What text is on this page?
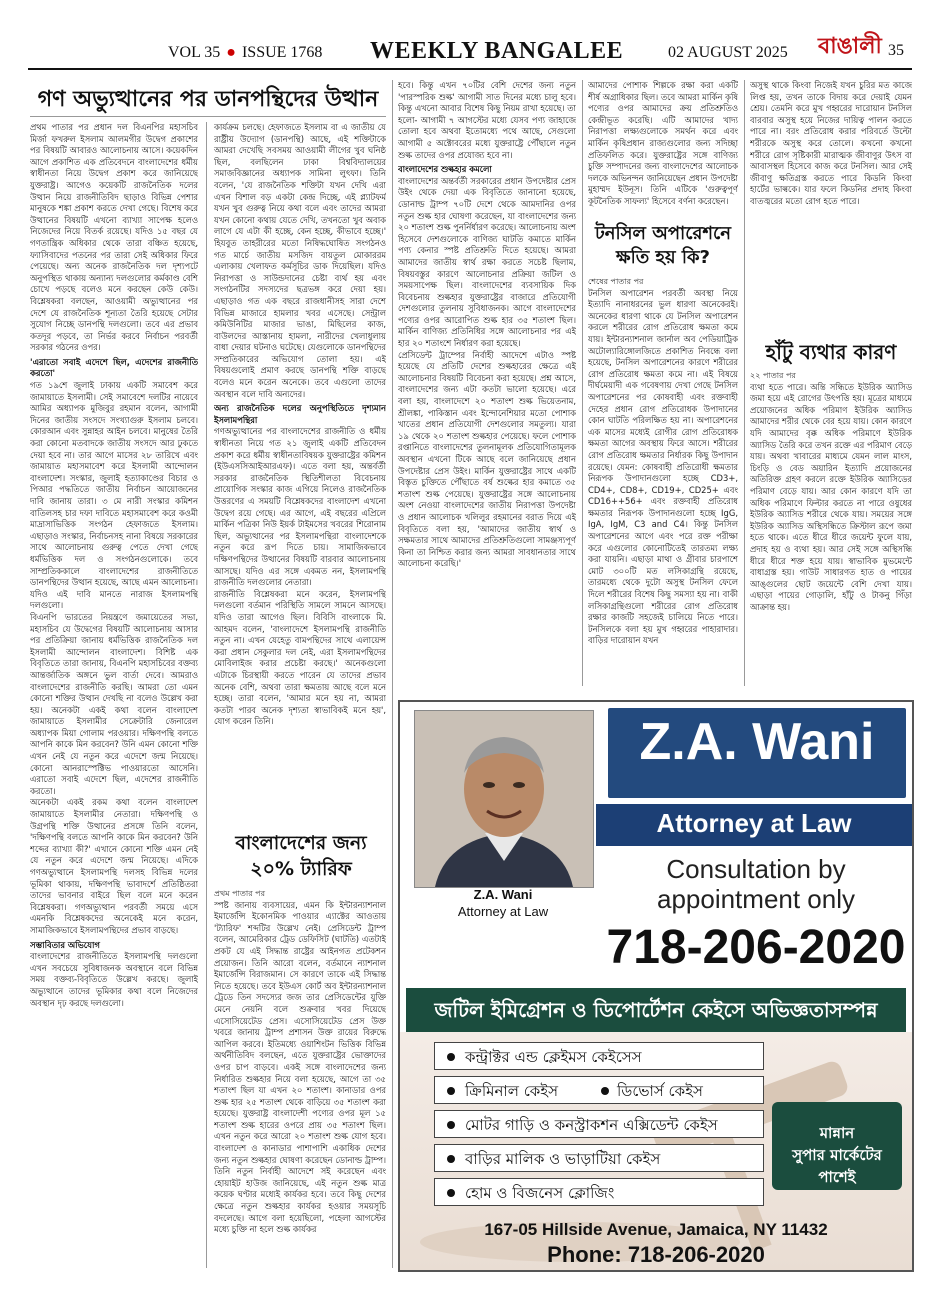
VOL 35 ● ISSUE 1768 WEEKLY BANGALEE	02 AUGUST 2025 বাঙালী 35
গণ অভ্যুত্থানের পর ডানপন্থিদের উত্থান

প্রথম পাতার পর প্রধান দল বিএনপির মহাসচিব মির্জা ফখরুল ইসলাম আলমগীর উদ্বেগ প্রকাশের পর বিষয়টি আবারও আলোচনায় আসে। কয়েকদিন আগে প্রকাশিত এক প্রতিবেদনে বাংলাদেশের ধর্মীয় স্বাধীনতা নিয়ে উদ্বেগ প্রকাশ করে জানিয়েছে যুক্তরাষ্ট্র। আগেও কয়েকটি রাজনৈতিক দলের উত্থান নিয়ে রাজনীতিবিদ ছাড়াও বিভিন্ন পেশার মানুষকে শঙ্কা প্রকাশ করতে দেখা গেছে। বিশেষ করে উত্থানের বিষয়টি এখনো ব্যাখ্যা সাপেক্ষ হলেও নিজেদের নিয়ে বিতর্ক রয়েছে। যদিও ১৫ বছর যে গণতান্ত্রিক অধিকার থেকে তারা বঞ্চিত হয়েছে, ফ্যাসিবাদের পতনের পর তারা সেই অধিকার ফিরে পেয়েছে। অন্য অনেক রাজনৈতিক দল দৃশ্যপটে অনুপস্থিত থাকায় অন্যান্য দলগুলোর কর্মকাণ্ড বেশি চোখে পড়ছে বলেও মনে করছেন কেউ কেউ। বিশ্লেষকরা বলছেন, আওয়ামী অভ্যুত্থানের পর দেশে যে রাজনৈতিক শূন্যতা তৈরি হয়েছে সেটার সুযোগ নিচ্ছে ডানপন্থি দলগুলো। তবে এর প্রভাব কতদূর পড়বে, তা নির্ভর করবে নির্বাচন পরবর্তী সরকার গঠনের ওপর।

'এরাতো সবাই এদেশে ছিল, এদেশের রাজনীতি করতো'

গত ১৯শে জুলাই ঢাকায় একটি সমাবেশ করে জামায়াতে ইসলামী। সেই সমাবেশে দলটির নায়েবে আমির অধ্যাপক মুজিবুর রহমান বলেন, আগামী দিনের জাতীয় সংসদে সংখ্যাগুরু ইসলাম চলবে। কোরআন এবং সুন্নাহর আইন চলবে। মানুষের তৈরি করা কোনো মতবাদকে জাতীয় সংসদে আর ঢুকতে দেয়া হবে না। তার আগে মাসের ২৮ তারিখে এবং জামায়াত মহাসমাবেশ করে ইসলামী আন্দোলন বাংলাদেশ। সংস্কার, জুলাই হত্যাকাণ্ডের বিচার ও পিআর পদ্ধতিতে জাতীয় নির্বাচন আয়োজনের দাবি জানায় তারা। ৩ মে নারী সংস্কার কমিশন বাতিলসহ চার দফা দাবিতে মহাসমাবেশ করে কওমী মাদ্রাসাভিত্তিক সংগঠন হেফাজতে ইসলাম। এছাড়াও সংস্কার, নির্বাচনসহ নানা বিষয়ে সরকারের সাথে আলোচনায় গুরুত্ব পেতে দেখা গেছে ধর্মভিত্তিক দল ও সংগঠনগুলোকে। তবে সাম্প্রতিককালে বাংলাদেশের রাজনীতিতে ডানপন্থিদের উত্থান হয়েছে, আছে এমন আলোচনা। যদিও এই দাবি মানতে নারাজ ইসলামপন্থি দলগুলো।

বিএনপি ভারতের নিয়ন্ত্রণে জমায়েতের সভা, মহাসচিব যে উদ্বেগের বিষয়টি আলোচনায় আসার পর প্রতিক্রিয়া জানায় ধর্মভিত্তিক রাজনৈতিক দল ইসলামী আন্দোলন বাংলাদেশ। বিশিষ্ট এক বিবৃতিতে তারা জানায়, বিএনপি মহাসচিবের বক্তব্য আন্তর্জাতিক অঙ্গনে ভুল বার্তা দেবে। আমরাও বাংলাদেশের রাজনীতি করছি। আমরা তো এমন কোনো শক্তির উত্থান দেখছি না বলেও উল্লেখ করা হয়। অনেকটা একই কথা বলেন বাংলাদেশ জামায়াতে ইসলামীর সেক্রেটারি জেনারেল অধ্যাপক মিয়া গোলাম পরওয়ার। দক্ষিণপন্থি বলতে আপনি কাকে মিন করবেন? উনি এমন কোনো শক্তি এখন নেই যে নতুন করে এদেশে জন্ম নিয়েছে। কোনো আনরাস্পেক্টিভ পাওয়ারতো আসেনি। এরাতো সবাই এদেশে ছিল, এদেশের রাজনীতি করতো।

অনেকটা একই রকম কথা বলেন বাংলাদেশ জামায়াতে ইসলামীর নেতারা। দক্ষিণপন্থি ও উগ্রপন্থি শক্তি উত্থানের প্রসঙ্গে তিনি বলেন, 'দক্ষিণপন্থি বলতে আপনি কাকে মিন করবেন? উনি শব্দের ব্যাখ্যা কী?' এখানে কোনো শক্তি এমন নেই যে নতুন করে এদেশে জন্ম নিয়েছে। এদিকে গণঅভ্যুত্থানে ইসলামপন্থি দলসহ বিভিন্ন দলের ভূমিকা থাকায়, দক্ষিণপন্থি ভাবাদর্শে প্রতিষ্ঠিতরা তাদের ভাবনার বাইরে ছিল বলে মনে করেন বিশ্লেষকরা। গণঅভ্যুত্থান পরবর্তী সময়ে এসে এমনকি বিশ্লেষকদের অনেকেই মনে করেন, সামাজিকভাবে ইসলামপন্থিদের প্রভাব বাড়ছে।

সম্ভাবিতার অভিযোগ

বাংলাদেশের রাজনীতিতে ইসলামপন্থি দলগুলো এখন সবচেয়ে সুবিধাজনক অবস্থানে বলে বিভিন্ন সময় বক্তব্য-বিবৃতিতে উল্লেখ করছে। জুলাই অভ্যুত্থানে তাদের ভূমিকার কথা বলে নিজেদের অবস্থান দৃঢ় করছে দলগুলো।

কার্যক্রম চলছে। হেফাজতে ইসলাম বা এ জাতীয় যে রাষ্ট্রীয় উদ্যোগ (ডানপন্থি) আছে, এই শক্তিটাকে আমরা দেখেছি সবসময় আওয়ামী লীগের খুব ঘনিষ্ঠ ছিল, বলছিলেন ঢাকা বিশ্ববিদ্যালয়ের সমাজবিজ্ঞানের অধ্যাপক সামিনা লুৎফা। তিনি বলেন, 'যে রাজনৈতিক শক্তিটা যখন দেখি এরা এখন বিশাল বড় একটা কেন্দ্র দিচ্ছে, এই প্ল্যাটফর্ম যখন খুব গুরুত্ব নিয়ে কথা বলে এবং তাদের আমরা যখন কোনো কথায় যেতে দেখি, তখনতো খুব অবাক লাগে যে এটা কী হচ্ছে, কেন হচ্ছে, কীভাবে হচ্ছে।' হিযবুত তাহরীরের মতো নিষিদ্ধঘোষিত সংগঠনও গত মার্চে জাতীয় মসজিদ বায়তুল মোকাররম এলাকায় খেলাফত কর্মসূচির ডাক দিয়েছিল। যদিও নিরাপত্তা ও সাউন্ডদানের চেষ্টা ব্যর্থ হয় এবং সংগঠনটির সদস্যদের ছত্রভঙ্গ করে দেয়া হয়। এছাড়াও গত এক বছরে রাজধানীসহ সারা দেশে বিভিন্ন মাজারে হামলার খবর এসেছে। সেন্ট্রাল কমিউনিটির মাজার ভাঙা, মিছিলের কাজ, বাউলদের আস্তানায় হামলা, নারীদের খেলাধুলায় বাধা দেয়ার ঘটনাও ঘটেছে। যেগুলোকে ডানপন্থিদের সম্প্রতিকারের অভিযোগ তোলা হয়। এই বিষয়গুলোই প্রমাণ করছে ডানপন্থি শক্তি বাড়ছে বলেও মনে করেন অনেকে। তবে এগুলো তাদের অবস্থান বলে দাবি অন্যদের।

অন্য রাজনৈতিক দলের অনুপস্থিতিতে দৃশ্যমান ইসলামপন্থিরা

গণঅভ্যুত্থানের পর বাংলাদেশের রাজনীতি ও ধর্মীয় স্বাধীনতা নিয়ে গত ২১ জুলাই একটি প্রতিবেদন প্রকাশ করে ধর্মীয় স্বাধীনতাবিষয়ক যুক্তরাষ্ট্রের কমিশন (ইউএসসিআইআরএফ)। এতে বলা হয়, অন্তর্বর্তী সরকার রাজনৈতিক স্থিতিশীলতা বিবেচনায় প্রায়োগিক সংস্কার কাজ এগিয়ে নিলেও রাজনৈতিক উত্তরণের এ সময়টি বিশ্লেষকদের বাংলাদেশ এখনো উদ্বেগ রয়ে গেছে। এর আগে, এই বছরের এপ্রিলে মার্কিন পত্রিকা নিউ ইয়র্ক টাইমসের খবরের শিরোনাম ছিল, অভ্যুত্থানের পর ইসলামপন্থিরা বাংলাদেশকে নতুন করে রূপ দিতে চায়। সামাজিকভাবে দক্ষিণপন্থিদের উত্থানের বিষয়টি বারবার আলোচনায় আসছে। যদিও এর সঙ্গে একমত নন, ইসলামপন্থি রাজনীতি দলগুলোর নেতারা।

রাজনীতি বিশ্লেষকরা মনে করেন, ইসলামপন্থি দলগুলো বর্তমান পরিস্থিতি সামলে সামনে আসছে। যদিও তারা আগেও ছিল। বিবিসি বাংলাকে মি. আহমদ বলেন, 'বাংলাদেশে ইসলামপন্থি রাজনীতি নতুন না। এখন যেহেতু বামপন্থিদের সাথে এলায়েন্স করা প্রধান সেকুলার দল নেই, এরা ইসলামপন্থিদের মোবিলাইজ করার প্রচেষ্টা করছে।' অনেকগুলো এটাকে চিরস্থায়ী করতে পারেন যে তাদের প্রভাব অনেক বেশি, অথবা তারা ক্ষমতায় আছে বলে মনে হচ্ছে। তারা বলেন, 'আমার মনে হয় না, আমরা কতটা পারব অনেক দৃশ্যতা স্বাভাবিকই মনে হয়', যোগ করেন তিনি।

বাংলাদেশের জন্য ২০% ট্যারিফ

প্রথম পাতার পর

স্পষ্ট জানায় ব্যবসায়ের, এমন কি ইন্টারন্যাশনাল ইমার্জেন্সি ইকোনমিক পাওয়ার এ্যাক্টের আওতায় 'ট্যারিফ' শব্দটির উল্লেখ নেই। প্রেসিডেন্ট ট্রাম্প বলেন, আমেরিকার ট্রেড ডেফিসিট (ঘাটতি) এতটাই প্রকট যে এই সিদ্ধান্ত রাষ্ট্রের আইনগত প্রটেকশন প্রয়োজন। তিনি আরো বলেন, বর্তমানে ন্যাশনাল ইমার্জেন্সি বিরাজমান। সে কারণে তাকে এই সিদ্ধান্ত নিতে হয়েছে। তবে ইউএস কোর্ট অব ইন্টারন্যাশনাল ট্রেডে তিন সদস্যের জজ তার প্রেসিডেন্টের যুক্তি মেনে নেয়নি বলে শুক্রবার খবর দিয়েছে এসোসিয়েটেড প্রেস। এসোসিয়েটেড প্রেস উক্ত খবরে জানায় ট্রাম্প প্রশাসন উক্ত রায়ের বিরুদ্ধে আপিল করবে। ইতিমধ্যে ওয়াশিংটন ভিত্তিক বিভিন্ন অর্থনীতিবিদ বলছেন, এতে যুক্তরাষ্ট্রের ভোক্তাদের ওপর চাপ বাড়বে। একই সঙ্গে বাংলাদেশের জন্য নির্ধারিত শুল্কহার নিয়ে বলা হয়েছে, আগে তা ৩৫ শতাংশ ছিল যা এখন ২০ শতাংশ। কানাডার ওপর শুল্ক হার ২৫ শতাংশ থেকে বাড়িয়ে ৩৫ শতাংশ করা হয়েছে। যুক্তরাষ্ট্র বাংলাদেশী পণ্যের ওপর মূল ১৫ শতাংশ শুল্ক হারের ওপরে প্রায় ৩৫ শতাংশ ছিল। এখন নতুন করে আরো ২০ শতাংশ শুল্ক যোগ হবে। বাংলাদেশ ও কানাডার পাশাপাশি একাধিক দেশের জন্য নতুন শুল্কহার ঘোষণা করেছেন ডোনাল্ড ট্রাম্প। তিনি নতুন নির্বাহী আদেশে সই করেছেন এবং হোয়াইট হাউজ জানিয়েছে, এই নতুন শুল্ক মাত্র কয়েক ঘণ্টার মধ্যেই কার্যকর হবে। তবে কিছু দেশের ক্ষেত্রে নতুন শুল্কহার কার্যকর হওয়ার সময়সূচি বদলেছে। আগে বলা হয়েছিলো, পহেলা আগস্টের মধ্যে চুক্তি না হলে শুল্ক কার্যকর

হবে। কিন্তু এখন ৭০টির বেশি দেশের জন্য নতুন 'পারস্পরিক শুল্ক' আগামী সাত দিনের মধ্যে চালু হবে। কিন্তু এখনো আবার বিশেষ কিছু নিয়ম রাখা হয়েছে। তা হলো- আগামী ৭ আগস্টের মধ্যে যেসব পণ্য জাহাজে তোলা হবে অথবা ইতোমধ্যে পথে আছে, সেগুলো আগামী ৫ অক্টোবরের মধ্যে যুক্তরাষ্ট্রে পৌঁছালে নতুন শুল্ক তাদের ওপর প্রযোজ্য হবে না।

বাংলাদেশের শুল্কহার কমলো

বাংলাদেশের অন্তর্বর্তী সরকারের প্রধান উপদেষ্টার প্রেস উইং থেকে দেয়া এক বিবৃতিতে জানানো হয়েছে, ডোনাল্ড ট্রাম্প ৭০টি দেশে থেকে আমদানির ওপর নতুন শুল্ক হার ঘোষণা করেছেন, যা বাংলাদেশের জন্য ২০ শতাংশ শুল্ক পুনর্নির্ধারণ করেছে। আলোচনায় অংশ হিসেবে দেশগুলোকে বাণিজ্য ঘাটতি কমাতে মার্কিন পণ্য কেনার স্পষ্ট প্রতিশ্রুতি দিতে হয়েছে। আমরা আমাদের জাতীয় স্বার্থ রক্ষা করতে সচেষ্ট ছিলাম, বিষয়বস্তুর কারণে আলোচনার প্রক্রিয়া জটিল ও সময়সাপেক্ষ ছিল। বাংলাদেশের ব্যবসায়িক দিক বিবেচনায় শুল্কহার যুক্তরাষ্ট্রের বাজারে প্রতিযোগী দেশগুলোর তুলনায় সুবিধাজনক। আগে বাংলাদেশের পণ্যের ওপর আরোপিত শুল্ক হার ৩৫ শতাংশ ছিল। মার্কিন বাণিজ্য প্রতিনিধির সঙ্গে আলোচনার পর এই হার ২০ শতাংশে নির্ধারণ করা হয়েছে।

প্রেসিডেন্ট ট্রাম্পের নির্বাহী আদেশে এটাও স্পষ্ট হয়েছে যে প্রতিটি দেশের শুল্কহারের ক্ষেত্রে এই আলোচনার বিষয়টি বিবেচনা করা হয়েছে। প্রশ্ন আসে, বাংলাদেশের জন্য এটা কতটা ভালো হয়েছে। এরে বলা হয়, বাংলাদেশে ২০ শতাংশ শুল্ক ভিয়েতনাম, শ্রীলঙ্কা, পাকিস্তান এবং ইন্দোনেশিয়ার মতো পোশাক খাতের প্রধান প্রতিযোগী দেশগুলোর সমতুল্য। যারা ১৯ থেকে ২০ শতাংশ শুল্কহার পেয়েছে। ফলে পোশাক রপ্তানিতে বাংলাদেশের তুলনামূলক প্রতিযোগিতামূলক অবস্থান এখনো টিকে আছে বলে জানিয়েছে প্রধান উপদেষ্টার প্রেস উইং। মার্কিন যুক্তরাষ্ট্রের সাথে একটি বিস্তৃত চুক্তিতে পৌঁছাতে বর্ষ শুল্কের হার কমাতে ৩৫ শতাংশ শুল্ক পেয়েছে। যুক্তরাষ্ট্রের সঙ্গে আলোচনায় অংশ নেওয়া বাংলাদেশের জাতীয় নিরাপত্তা উপদেষ্টা ও প্রধান আলোচক খলিলুর রহমানের বরাত দিয়ে এই বিবৃতিতে বলা হয়, 'আমাদের জাতীয় স্বার্থ ও সক্ষমতার সাথে আমাদের প্রতিশ্রুতিগুলো সামঞ্জস্যপূর্ণ কিনা তা নিশ্চিত করার জন্য আমরা সাবধানতার সাথে আলোচনা করেছি।'

আমাদের পোশাক শিল্পকে রক্ষা করা একটি শীর্ষ অগ্রাধিকার ছিল। তবে আমরা মার্কিন কৃষি পণ্যের ওপর আমাদের ক্রয় প্রতিশ্রুতিও কেন্দ্রীভূত করেছি। এটি আমাদের খাদ্য নিরাপত্তা লক্ষ্যগুলোকে সমর্থন করে এবং মার্কিন কৃষিপ্রধান রাজ্যগুলোর জন্য সদিচ্ছা প্রতিফলিত করে। যুক্তরাষ্ট্রের সঙ্গে বাণিজ্য চুক্তি সম্পাদনের জন্য বাংলাদেশের আলোচক দলকে অভিনন্দন জানিয়েছেন প্রধান উপদেষ্টা মুহাম্মদ ইউনূস। তিনি এটিকে 'গুরুত্বপূর্ণ কূটনৈতিক সাফল্য' হিসেবে বর্ণনা করেছেন।

টনসিল অপারেশনে ক্ষতি হয় কি?

শেষের পাতার পর

টনসিল অপারেশন পরবর্তী অবস্থা নিয়ে ইত্যাদি নানাধরনের ভুল ধারণা অনেকেরই। অনেকের ধারণা থাকে যে টনসিল অপারেশন করলে শরীরের রোগ প্রতিরোধ ক্ষমতা কমে যায়। ইন্টারন্যাশনাল জার্নাল অব পেডিয়াট্রিক অটোল্যারিঙ্গোলজিতে প্রকাশিত নিবন্ধে বলা হয়েছে, টনসিল অপারেশনের কারণে শরীরের রোগ প্রতিরোধ ক্ষমতা কমে না। এই বিষয়ে দীর্ঘমেয়াদী এক গবেষণায় দেখা গেছে টনসিল অপারেশনের পর কোষবাহী এবং রক্তবাহী দেহের প্রধান রোগ প্রতিরোধক উপাদানের কোন ঘাটতি পরিলক্ষিত হয় না। অপারেশনের এক মাসের মধ্যেই রোগীর রোগ প্রতিরোধক ক্ষমতা আগের অবস্থায় ফিরে আসে। শরীরের রোগ প্রতিরোধ ক্ষমতার নির্ধারক কিছু উপাদান রয়েছে। যেমন: কোষবাহী প্রতিরোধী ক্ষমতার নিরূপক উপাদানগুলো হচ্ছে CD3+, CD4+, CD8+, CD19+, CD25+ এবং CD16++56+ এবং রক্তবাহী প্রতিরোধ ক্ষমতার নিরূপক উপাদানগুলো হচ্ছে IgG, IgA, IgM, C3 and C4। কিন্তু টনসিল অপারেশনের আগে এবং পরে রক্ত পরীক্ষা করে এগুলোর কোনোটিতেই তারতম্য লক্ষ্য করা যায়নি। এছাড়া মাথা ও গ্রীবার চারপাশে মোট ৩০০টি মত লসিকাগ্রন্থি রয়েছে, তারমধ্যে থেকে দুটো অসুস্থ টনসিল ফেলে দিলে শরীরের বিশেষ কিছু সমস্যা হয় না। বাকী লসিকাগ্রন্থিগুলো শরীরের রোগ প্রতিরোধ রক্ষার কাজটি সহজেই চালিয়ে নিতে পারে। টনসিলকে বলা হয় মুখ গহ্বরের পাহারাদার। বাড়ির দারোয়ান যখন

অসুস্থ থাকে কিংবা নিজেই যখন চুরির মত কাজে লিপ্ত হয়, তখন তাকে বিদায় করে দেয়াই যেমন শ্রেয়। তেমনি করে মুখ গহ্বরের দারোয়ান টনসিল বারবার অসুস্থ হয়ে নিজের দায়িত্ব পালন করতে পারে না। বরং প্রতিরোধ করার পরিবর্তে উল্টো শরীরকে অসুস্থ করে তোলে। কখনো কখনো শরীরে রোগ সৃষ্টিকারী মারাত্মক জীবাণুর উৎস বা আবাসস্থল হিসেবে কাজ করে টনসিল। আর সেই জীবাণু ক্ষতিগ্রস্ত করতে পারে কিডনি কিংবা হার্টের ভাল্বকে। যার ফলে কিডনির প্রদাহ কিংবা বাতজ্বরের মতো রোগ হতে পারে।

হাঁটু ব্যথার কারণ

২২ পাতার পর

ব্যথা হতে পারে। অন্তি সন্ধিতে ইউরিক অ্যাসিড জমা হয়ে এই রোগের উৎপত্তি হয়। মূত্রের মাধ্যমে প্রয়োজনের অধিক পরিমাণ ইউরিক অ্যাসিড আমাদের শরীর থেকে বের হয়ে যায়। কোন কারণে যদি আমাদের বৃক্ক অধিক পরিমাণে ইউরিক অ্যাসিড তৈরি করে তখন রক্তে এর পরিমাণ বেড়ে যায়। অথবা খাবারের মাধ্যমে যেমন লাল মাংস, চিংড়ি ও বেড অয়ারিন ইত্যাদি প্রয়োজনের অতিরিক্ত গ্রহণ করলে রক্তে ইউরিক অ্যাসিডের পরিমাণ বেড়ে যায়। আর কোন কারণে যদি তা অধিক পরিমাণে ফিল্টার করতে না পারে ওষুধের ইউরিক অ্যাসিড শরীরে থেকে যায়। সময়ের সঙ্গে ইউরিক অ্যাসিড অস্থিসন্ধিতে ক্রিস্টাল রূপে জমা হতে থাকে। এতে ধীরে ধীরে জয়েন্ট ফুলে যায়, প্রদাহ হয় ও ব্যথা হয়। আর সেই সঙ্গে অস্থিসন্ধি ধীরে ধীরে শক্ত হয়ে যায়। স্বাভাবিক মুভমেন্টে বাধাগ্রস্ত হয়। গাউট সাধারণত হাত ও পায়ের আঙ্গুলের ছোট জয়েন্টে বেশি দেখা যায়। এছাড়া পায়ের গোড়ালি, হাঁটু ও টাকনু গিঁড়া আক্রান্ত হয়।

Z.A. Wani
Attorney at Law
Z.A. Wani
Attorney at Law
Consultation by
appointment only
718-206-2020
জটিল ইমিগ্রেশন ও ডিপোর্টেশন কেইসে অভিজ্ঞতাসম্পন্ন
কন্ট্রাক্টর এন্ড ক্লেইমস কেইসেস
ক্রিমিনাল কেইস	ডিভোর্স কেইস
মোটর গাড়ি ও কনস্ট্রাকশন এক্সিডেন্ট কেইস
বাড়ির মালিক ও ভাড়াটিয়া কেইস
হোম ও বিজনেস ক্লোজিং
মান্নান
সুপার মার্কেটের
পাশেই
167-05 Hillside Avenue, Jamaica, NY 11432
Phone: 718-206-2020
